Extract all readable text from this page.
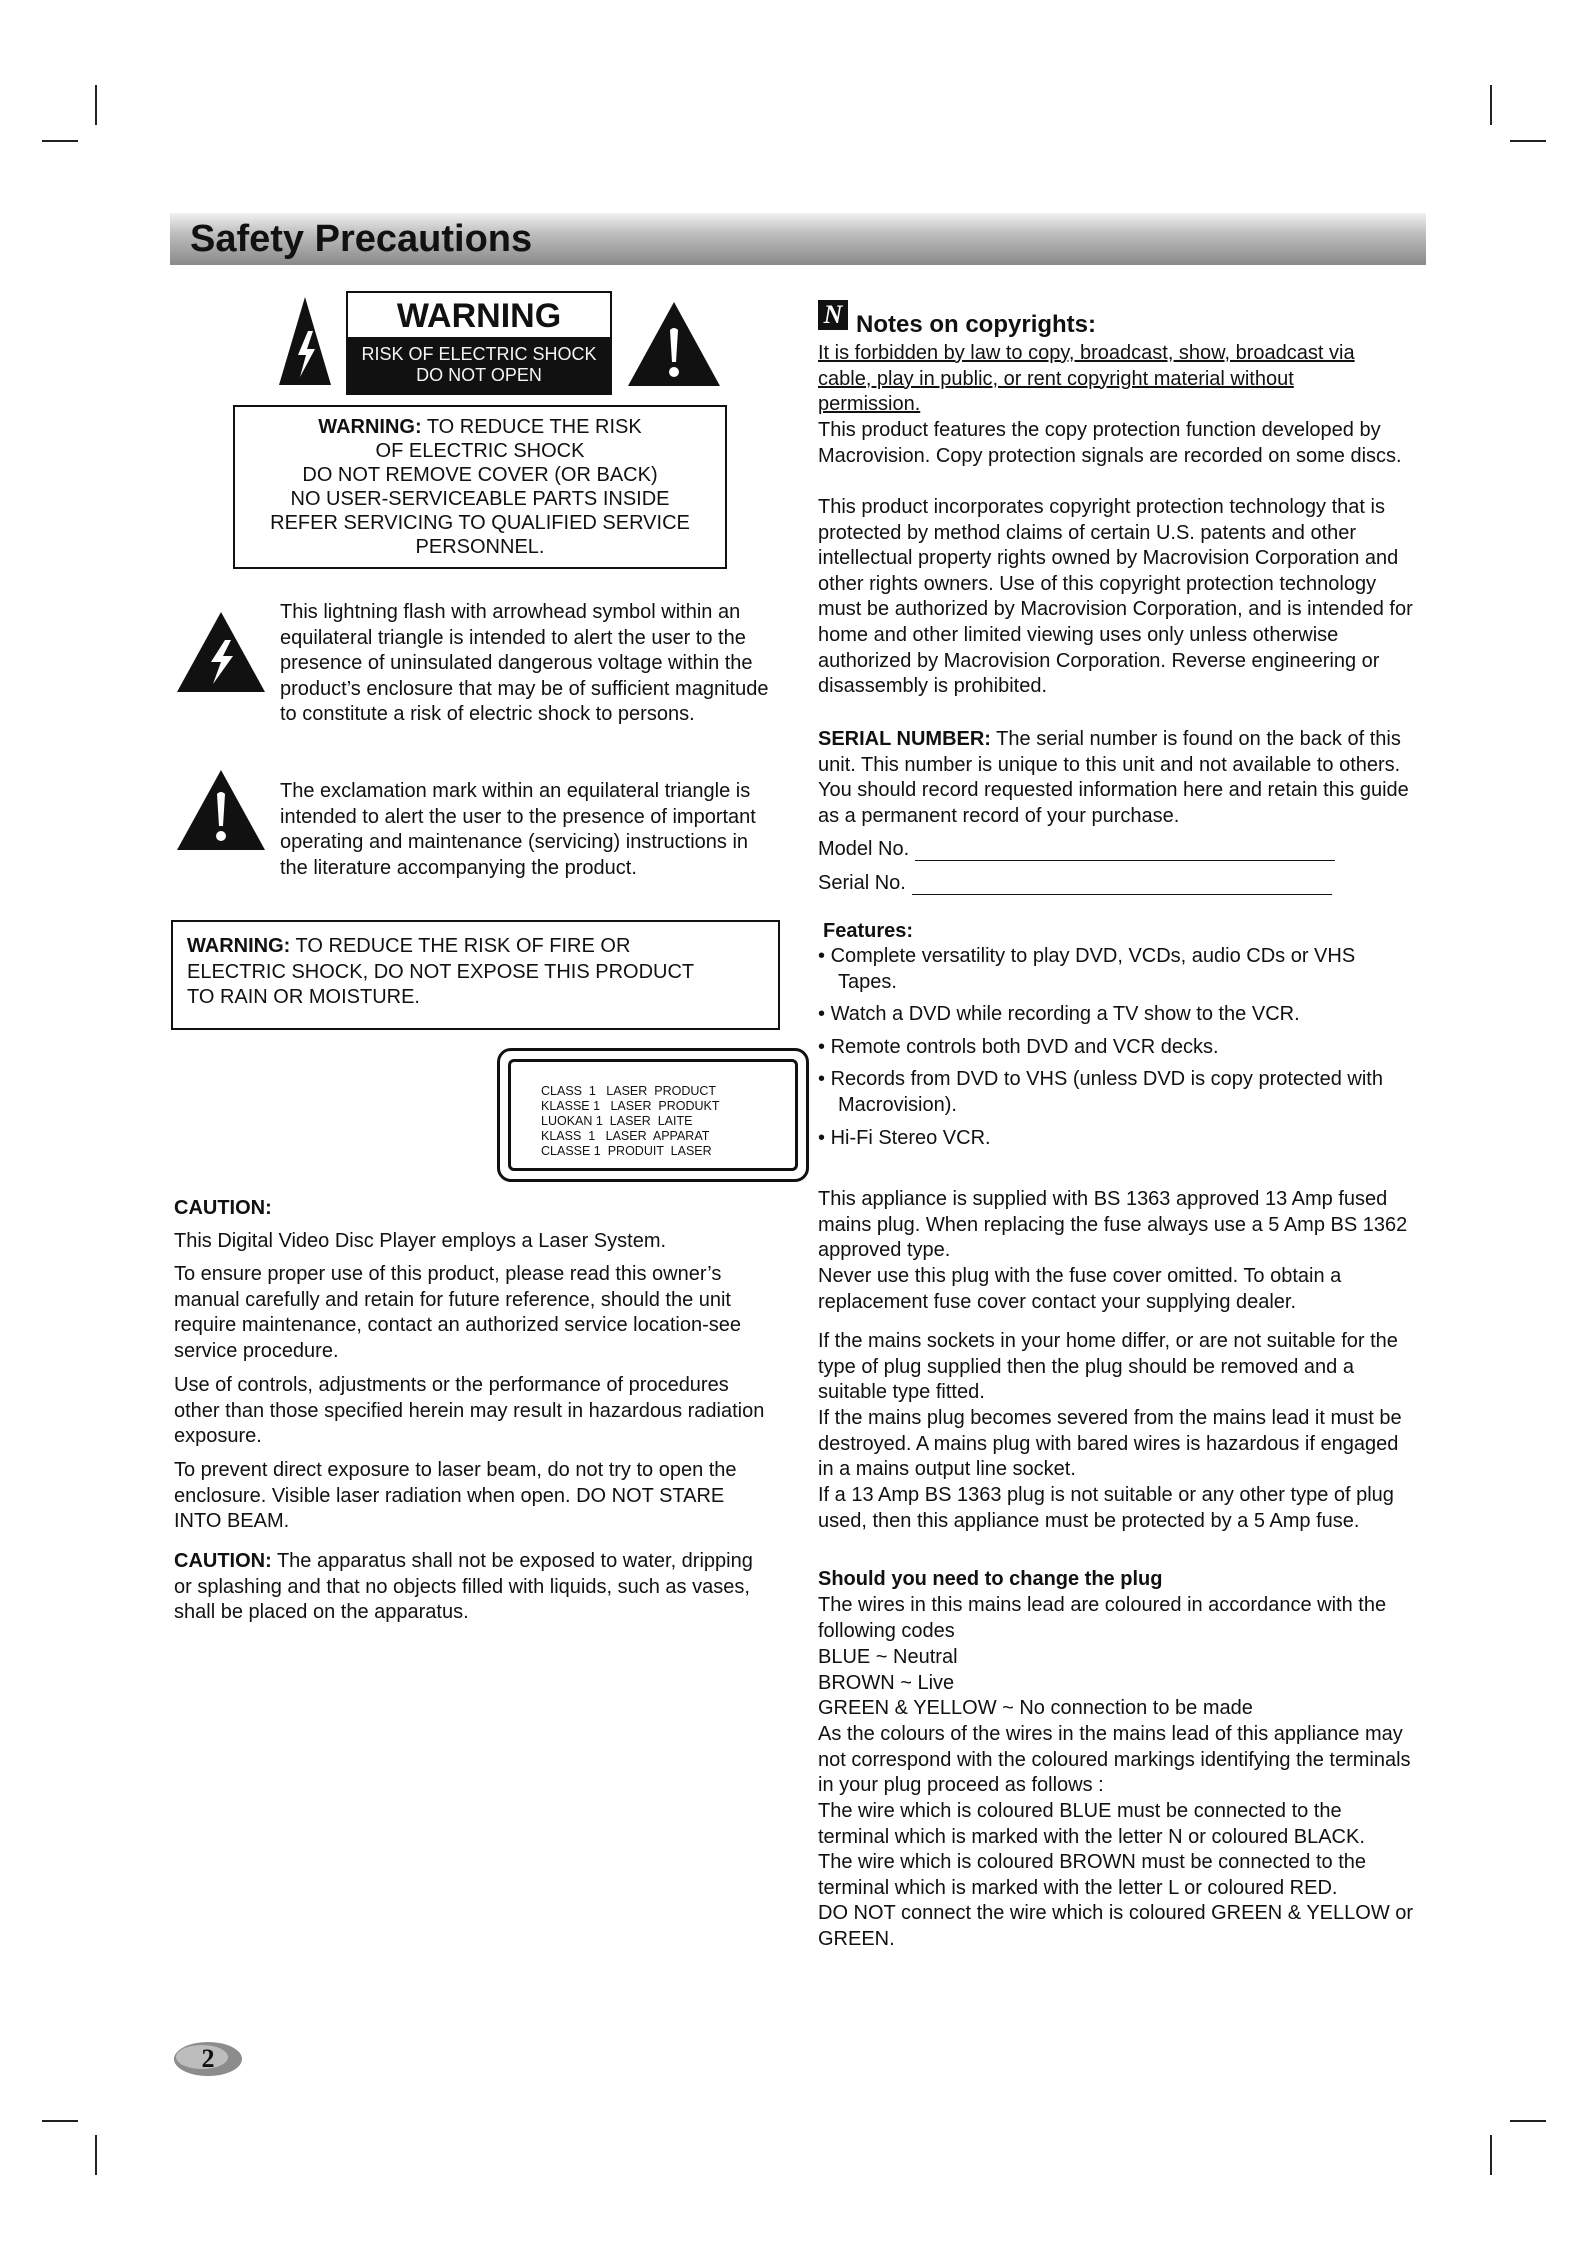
Safety Precautions
WARNING
RISK OF ELECTRIC SHOCK
DO NOT OPEN
WARNING: TO REDUCE THE RISK
OF ELECTRIC SHOCK
DO NOT REMOVE COVER (OR BACK)
NO USER-SERVICEABLE PARTS INSIDE
REFER SERVICING TO QUALIFIED SERVICE
PERSONNEL.

This lightning flash with arrowhead symbol within an equilateral triangle is intended to alert the user to the presence of uninsulated dangerous voltage within the product’s enclosure that may be of sufficient magnitude to constitute a risk of electric shock to persons.

The exclamation mark within an equilateral triangle is intended to alert the user to the presence of important operating and maintenance (servicing) instructions in the literature accompanying the product.

WARNING: TO REDUCE THE RISK OF FIRE OR ELECTRIC SHOCK, DO NOT EXPOSE THIS PRODUCT TO RAIN OR MOISTURE.
CLASS  1   LASER  PRODUCT
KLASSE 1   LASER  PRODUKT
LUOKAN 1  LASER  LAITE
KLASS  1   LASER  APPARAT
CLASSE 1  PRODUIT  LASER

CAUTION:

This Digital Video Disc Player employs a Laser System.

To ensure proper use of this product, please read this owner’s manual carefully and retain for future reference, should the unit require maintenance, contact an authorized service location-see service procedure.

Use of controls, adjustments or the performance of procedures other than those specified herein may result in hazardous radiation exposure.

To prevent direct exposure to laser beam, do not try to open the enclosure. Visible laser radiation when open. DO NOT STARE INTO BEAM.

CAUTION: The apparatus shall not be exposed to water, dripping or splashing and that no objects filled with liquids, such as vases, shall be placed on the apparatus.

N Notes on copyrights:

It is forbidden by law to copy, broadcast, show, broadcast via cable, play in public, or rent copyright material without permission.

This product features the copy protection function developed by Macrovision. Copy protection signals are recorded on some discs.

This product incorporates copyright protection technology that is protected by method claims of certain U.S. patents and other intellectual property rights owned by Macrovision Corporation and other rights owners. Use of this copyright protection technology must be authorized by Macrovision Corporation, and is intended for home and other limited viewing uses only unless otherwise authorized by Macrovision Corporation. Reverse engineering or disassembly is prohibited.

SERIAL NUMBER: The serial number is found on the back of this unit. This number is unique to this unit and not available to others. You should record requested information here and retain this guide as a permanent record of your purchase.

Model No.
Serial No.

Features:

• Complete versatility to play DVD, VCDs, audio CDs or VHS Tapes.
• Watch a DVD while recording a TV show to the VCR.
• Remote controls both DVD and VCR decks.
• Records from DVD to VHS (unless DVD is copy protected with Macrovision).
• Hi-Fi Stereo VCR.

This appliance is supplied with BS 1363 approved 13 Amp fused mains plug. When replacing the fuse always use a 5 Amp BS 1362 approved type.

Never use this plug with the fuse cover omitted. To obtain a replacement fuse cover contact your supplying dealer.

If the mains sockets in your home differ, or are not suitable for the type of plug supplied then the plug should be removed and a suitable type fitted.

If the mains plug becomes severed from the mains lead it must be destroyed. A mains plug with bared wires is hazardous if engaged in a mains output line socket.

If a 13 Amp BS 1363 plug is not suitable or any other type of plug used, then this appliance must be protected by a 5 Amp fuse.

Should you need to change the plug

The wires in this mains lead are coloured in accordance with the following codes

BLUE ~ Neutral

BROWN ~ Live

GREEN & YELLOW ~ No connection to be made

As the colours of the wires in the mains lead of this appliance may not correspond with the coloured markings identifying the terminals in your plug proceed as follows :

The wire which is coloured BLUE must be connected to the terminal which is marked with the letter N or coloured BLACK.

The wire which is coloured BROWN must be connected to the terminal which is marked with the letter L or coloured RED.

DO NOT connect the wire which is coloured GREEN & YELLOW or GREEN.

2
